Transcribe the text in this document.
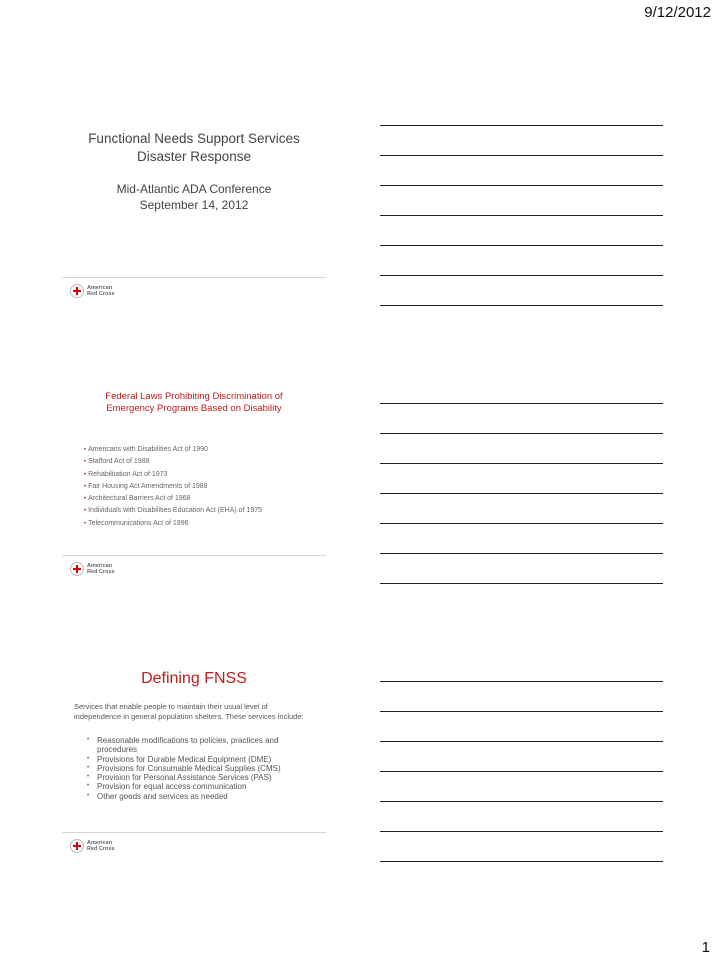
9/12/2012
Functional Needs Support Services
Disaster Response
Mid-Atlantic ADA Conference
September 14, 2012
American
Red Cross
Federal Laws Prohibiting Discrimination of
Emergency Programs Based on Disability
• Americans with Disabilities Act of 1990
• Stafford Act of 1988
• Rehabilitation Act of 1973
• Fair Housing Act Amendments of 1988
• Architectural Barriers Act of 1968
• Individuals with Disabilities Education Act (EHA) of 1975
• Telecommunications Act of 1996
American
Red Cross
Defining FNSS
Services that enable people to maintain their usual level of independence in general population shelters. These services include:
• Reasonable modifications to policies, practices and procedures
• Provisions for Durable Medical Equipment (DME)
• Provisions for Consumable Medical Supplies (CMS)
• Provision for Personal Assistance Services (PAS)
• Provision for equal access communication
• Other goods and services as needed
American
Red Cross
1
